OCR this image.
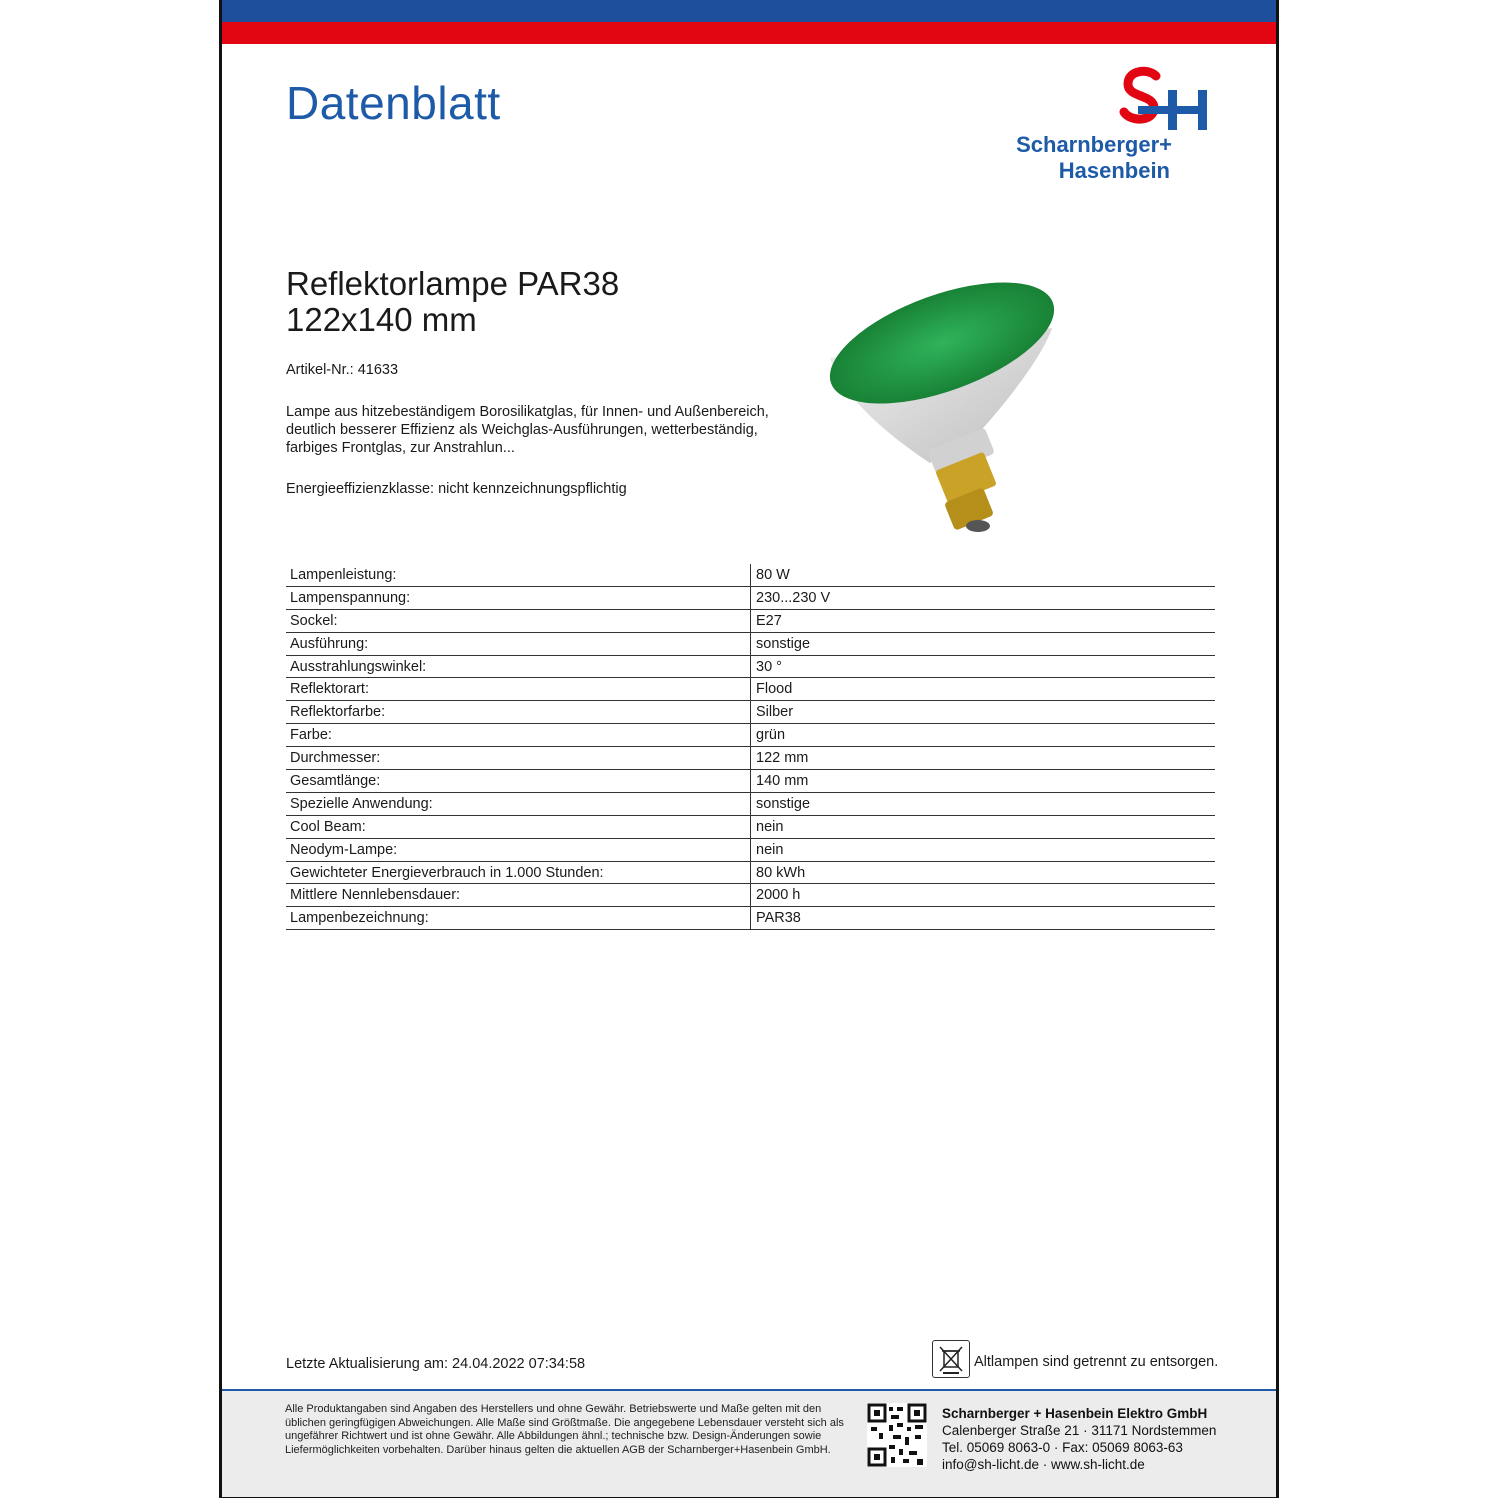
Datenblatt
Scharnberger+
Hasenbein
Reflektorlampe PAR38
122x140 mm
Artikel-Nr.: 41633
Lampe aus hitzebeständigem Borosilikatglas, für Innen- und Außenbereich, deutlich besserer Effizienz als Weichglas-Ausführungen, wetterbeständig, farbiges Frontglas, zur Anstrahlun...
Energieeffizienzklasse: nicht kennzeichnungspflichtig
Lampenleistung:	80 W
Lampenspannung:	230...230 V
Sockel:	E27
Ausführung:	sonstige
Ausstrahlungswinkel:	30 °
Reflektorart:	Flood
Reflektorfarbe:	Silber
Farbe:	grün
Durchmesser:	122 mm
Gesamtlänge:	140 mm
Spezielle Anwendung:	sonstige
Cool Beam:	nein
Neodym-Lampe:	nein
Gewichteter Energieverbrauch in 1.000 Stunden:	80 kWh
Mittlere Nennlebensdauer:	2000 h
Lampenbezeichnung:	PAR38
Letzte Aktualisierung am: 24.04.2022 07:34:58	Altlampen sind getrennt zu entsorgen.
Alle Produktangaben sind Angaben des Herstellers und ohne Gewähr. Betriebswerte und Maße gelten mit den üblichen geringfügigen Abweichungen. Alle Maße sind Größtmaße. Die angegebene Lebensdauer versteht sich als ungefährer Richtwert und ist ohne Gewähr. Alle Abbildungen ähnl.; technische bzw. Design-Änderungen sowie Liefermöglichkeiten vorbehalten. Darüber hinaus gelten die aktuellen AGB der Scharnberger+Hasenbein GmbH.
Scharnberger + Hasenbein Elektro GmbH
Calenberger Straße 21 · 31171 Nordstemmen
Tel. 05069 8063-0 · Fax: 05069 8063-63
info@sh-licht.de · www.sh-licht.de
